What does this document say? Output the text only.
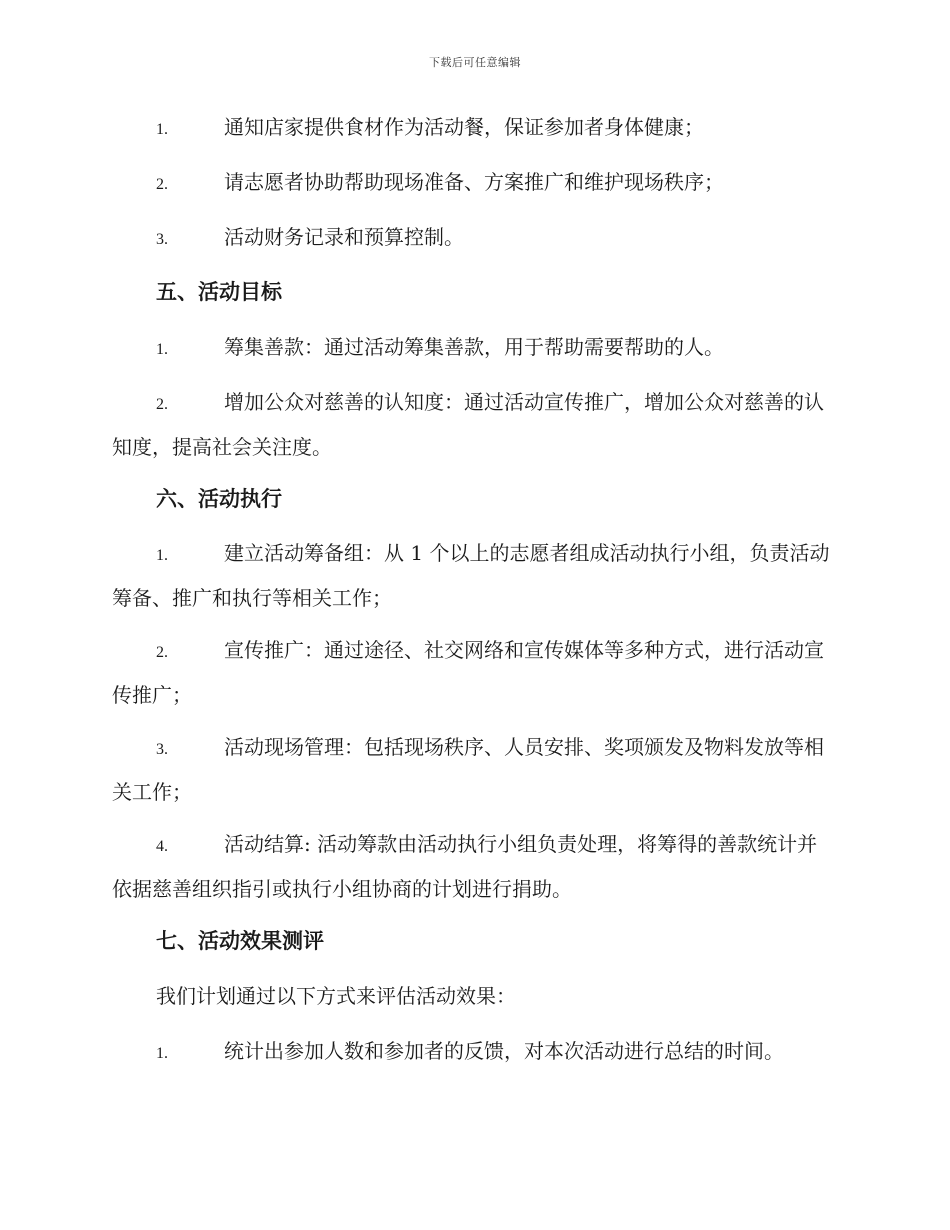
下载后可任意编辑
1.	通知店家提供食材作为活动餐，保证参加者身体健康；
2.	请志愿者协助帮助现场准备、方案推广和维护现场秩序；
3.	活动财务记录和预算控制。
五、活动目标
1.	筹集善款：通过活动筹集善款，用于帮助需要帮助的人。
2.	增加公众对慈善的认知度：通过活动宣传推广，增加公众对慈善的认知度，提高社会关注度。
六、活动执行
1.	建立活动筹备组：从 1 个以上的志愿者组成活动执行小组，负责活动筹备、推广和执行等相关工作；
2.	宣传推广：通过途径、社交网络和宣传媒体等多种方式，进行活动宣传推广；
3.	活动现场管理：包括现场秩序、人员安排、奖项颁发及物料发放等相关工作；
4.	活动结算: 活动筹款由活动执行小组负责处理，将筹得的善款统计并依据慈善组织指引或执行小组协商的计划进行捐助。
七、活动效果测评
我们计划通过以下方式来评估活动效果：
1.	统计出参加人数和参加者的反馈，对本次活动进行总结的时间。
